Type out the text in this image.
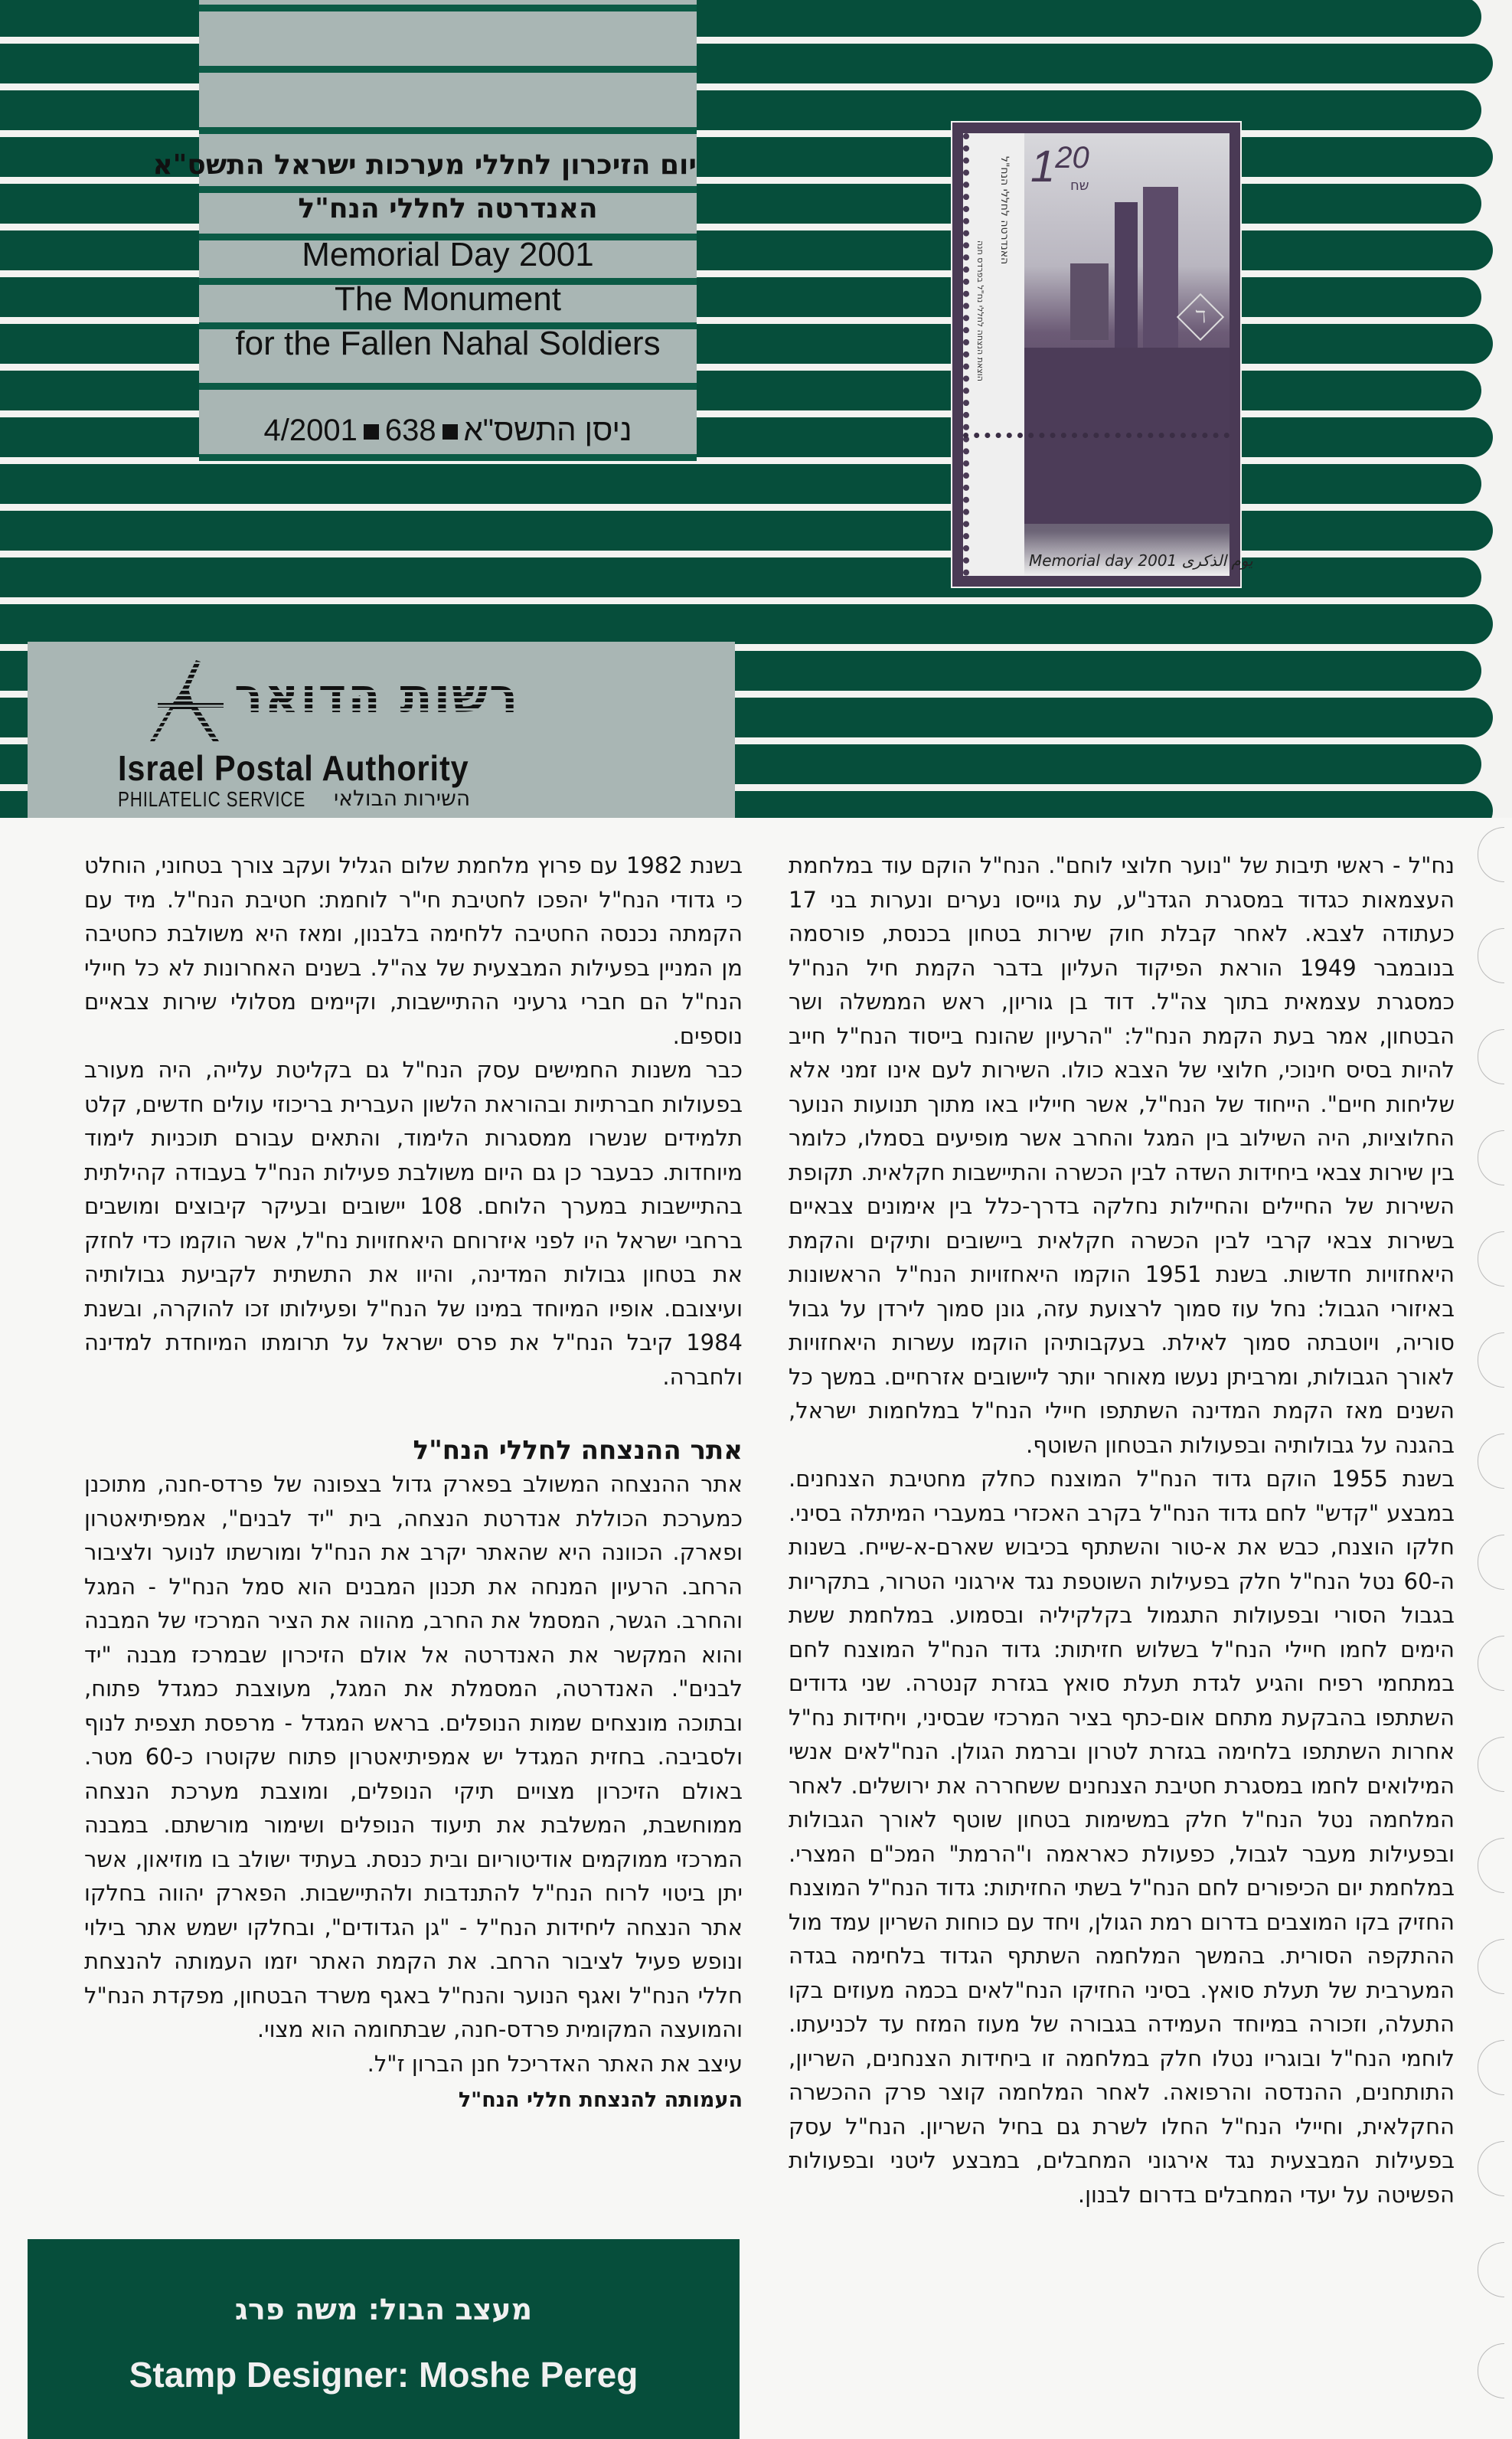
יום הזיכרון לחללי מערכות ישראל התשס"א
האנדרטה לחללי הנח"ל
Memorial Day 2001
The Monument
for the Fallen Nahal Soldiers
ניסן התשס"א4/2001 638
האנדרטה לחללי הנח"ל
הוצאת הנצחה לחללי נח"ל בפרדס חנה
$1^{20}$
שח
ℸ
Memorial day 2001 يوم الذكرى
רשות הדואר
Israel Postal Authority
PHILATELIC SERVICE השירות הבולאי

נח"ל - ראשי תיבות של "נוער חלוצי לוחם". הנח"ל הוקם עוד במלחמת העצמאות כגדוד במסגרת הגדנ"ע, עת גוייסו נערים ונערות בני 17 כעתודה לצבא. לאחר קבלת חוק שירות בטחון בכנסת, פורסמה בנובמבר 1949 הוראת הפיקוד העליון בדבר הקמת חיל הנח"ל כמסגרת עצמאית בתוך צה"ל. דוד בן גוריון, ראש הממשלה ושר הבטחון, אמר בעת הקמת הנח"ל: "הרעיון שהונח בייסוד הנח"ל חייב להיות בסיס חינוכי, חלוצי של הצבא כולו. השירות לעם אינו זמני אלא שליחות חיים". הייחוד של הנח"ל, אשר חייליו באו מתוך תנועות הנוער החלוציות, היה השילוב בין המגל והחרב אשר מופיעים בסמלו, כלומר בין שירות צבאי ביחידות השדה לבין הכשרה והתיישבות חקלאית. תקופת השירות של החיילים והחיילות נחלקה בדרך-כלל בין אימונים צבאיים בשירות צבאי קרבי לבין הכשרה חקלאית ביישובים ותיקים והקמת היאחזויות חדשות. בשנת 1951 הוקמו היאחזויות הנח"ל הראשונות באיזורי הגבול: נחל עוז סמוך לרצועת עזה, גונן סמוך לירדן על גבול סוריה, ויוטבתה סמוך לאילת. בעקבותיהן הוקמו עשרות היאחזויות לאורך הגבולות, ומרביתן נעשו מאוחר יותר ליישובים אזרחיים. במשך כל השנים מאז הקמת המדינה השתתפו חיילי הנח"ל במלחמות ישראל, בהגנה על גבולותיה ובפעולות הבטחון השוטף.

בשנת 1955 הוקם גדוד הנח"ל המוצנח כחלק מחטיבת הצנחנים. במבצע "קדש" לחם גדוד הנח"ל בקרב האכזרי במעברי המיתלה בסיני. חלקו הוצנח, כבש את א-טור והשתתף בכיבוש שארם-א-שייח. בשנות ה-60 נטל הנח"ל חלק בפעילות השוטפת נגד אירגוני הטרור, בתקריות בגבול הסורי ובפעולות התגמול בקלקיליה ובסמוע. במלחמת ששת הימים לחמו חיילי הנח"ל בשלוש חזיתות: גדוד הנח"ל המוצנח לחם במתחמי רפיח והגיע לגדת תעלת סואץ בגזרת קנטרה. שני גדודים השתתפו בהבקעת מתחם אום-כתף בציר המרכזי שבסיני, ויחידות נח"ל אחרות השתתפו בלחימה בגזרת לטרון וברמת הגולן. הנח"לאים אנשי המילואים לחמו במסגרת חטיבת הצנחנים ששחררה את ירושלים. לאחר המלחמה נטל הנח"ל חלק במשימות בטחון שוטף לאורך הגבולות ובפעילות מעבר לגבול, כפעולת כאראמה ו"הרמת" המכ"ם המצרי. במלחמת יום הכיפורים לחם הנח"ל בשתי החזיתות: גדוד הנח"ל המוצנח החזיק בקו המוצבים בדרום רמת הגולן, ויחד עם כוחות השריון עמד מול ההתקפה הסורית. בהמשך המלחמה השתתף הגדוד בלחימה בגדה המערבית של תעלת סואץ. בסיני החזיקו הנח"לאים בכמה מעוזים בקו התעלה, וזכורה במיוחד העמידה בגבורה של מעוז המזח עד לכניעתו. לוחמי הנח"ל ובוגריו נטלו חלק במלחמה זו ביחידות הצנחנים, השריון, התותחנים, ההנדסה והרפואה. לאחר המלחמה קוצר פרק ההכשרה החקלאית, וחיילי הנח"ל החלו לשרת גם בחיל השריון. הנח"ל עסק בפעילות המבצעית נגד אירגוני המחבלים, במבצע ליטני ובפעולות הפשיטה על יעדי המחבלים בדרום לבנון.

בשנת 1982 עם פרוץ מלחמת שלום הגליל ועקב צורך בטחוני, הוחלט כי גדודי הנח"ל יהפכו לחטיבת חי"ר לוחמת: חטיבת הנח"ל. מיד עם הקמתה נכנסה החטיבה ללחימה בלבנון, ומאז היא משולבת כחטיבה מן המניין בפעילות המבצעית של צה"ל. בשנים האחרונות לא כל חיילי הנח"ל הם חברי גרעיני ההתיישבות, וקיימים מסלולי שירות צבאיים נוספים.

כבר משנות החמישים עסק הנח"ל גם בקליטת עלייה, היה מעורב בפעולות חברתיות ובהוראת הלשון העברית בריכוזי עולים חדשים, קלט תלמידים שנשרו ממסגרות הלימוד, והתאים עבורם תוכניות לימוד מיוחדות. כבעבר כן גם היום משולבת פעילות הנח"ל בעבודה קהילתית בהתיישבות במערך הלוחם. 108 יישובים ובעיקר קיבוצים ומושבים ברחבי ישראל היו לפני איזרוחם היאחזויות נח"ל, אשר הוקמו כדי לחזק את בטחון גבולות המדינה, והיוו את התשתית לקביעת גבולותיה ועיצובם. אופיו המיוחד במינו של הנח"ל ופעילותו זכו להוקרה, ובשנת 1984 קיבל הנח"ל את פרס ישראל על תרומתו המיוחדת למדינה ולחברה.

אתר ההנצחה לחללי הנח"ל

אתר ההנצחה המשולב בפארק גדול בצפונה של פרדס-חנה, מתוכנן כמערכת הכוללת אנדרטת הנצחה, בית "יד לבנים", אמפיתיאטרון ופארק. הכוונה היא שהאתר יקרב את הנח"ל ומורשתו לנוער ולציבור הרחב. הרעיון המנחה את תכנון המבנים הוא סמל הנח"ל - המגל והחרב. הגשר, המסמל את החרב, מהווה את הציר המרכזי של המבנה והוא המקשר את האנדרטה אל אולם הזיכרון שבמרכז מבנה "יד לבנים". האנדרטה, המסמלת את המגל, מעוצבת כמגדל פתוח, ובתוכה מונצחים שמות הנופלים. בראש המגדל - מרפסת תצפית לנוף ולסביבה. בחזית המגדל יש אמפיתיאטרון פתוח שקוטרו כ-60 מטר. באולם הזיכרון מצויים תיקי הנופלים, ומוצבת מערכת הנצחה ממוחשבת, המשלבת את תיעוד הנופלים ושימור מורשתם. במבנה המרכזי ממוקמים אודיטוריום ובית כנסת. בעתיד ישולב בו מוזיאון, אשר יתן ביטוי לרוח הנח"ל להתנדבות ולהתיישבות. הפארק יהווה בחלקו אתר הנצחה ליחידות הנח"ל - "גן הגדודים", ובחלקו ישמש אתר בילוי ונופש פעיל לציבור הרחב. את הקמת האתר יזמו העמותה להנצחת חללי הנח"ל ואגף הנוער והנח"ל באגף משרד הבטחון, מפקדת הנח"ל והמועצה המקומית פרדס-חנה, שבתחומה הוא מצוי.

עיצב את האתר האדריכל חנן הברון ז"ל.

העמותה להנצחת חללי הנח"ל

מעצב הבול: משה פרג
Stamp Designer: Moshe Pereg
